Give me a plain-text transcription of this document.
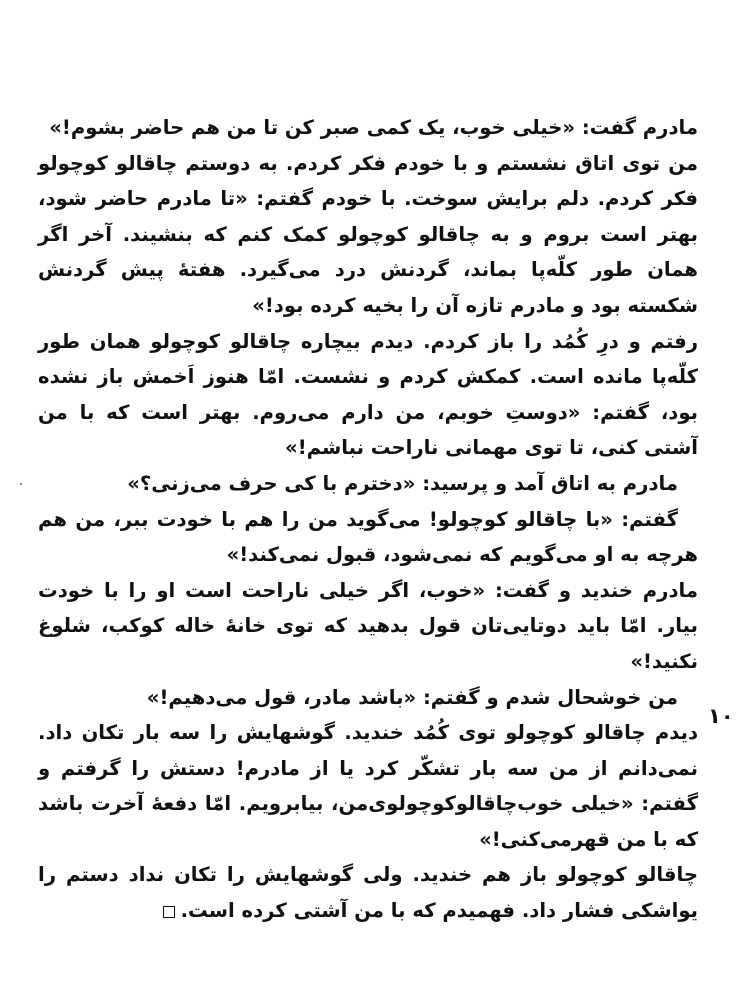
مادرم گفت: «خیلی خوب، یک کمی صبر کن تا من هم حاضر بشوم!»

من توی اتاق نشستم و با خودم فکر کردم. به دوستم چاقالو کوچولو فکر کردم. دلم برایش سوخت. با خودم گفتم: «تا مادرم حاضر شود، بهتر است بروم و به چاقالو کوچولو کمک کنم که بنشیند. آخر اگر همان طور کلّه‌پا بماند، گردنش درد می‌گیرد. هفتهٔ پیش گردنش شکسته بود و مادرم تازه آن را بخیه کرده بود!»

رفتم و درِ کُمُد را باز کردم. دیدم بیچاره چاقالو کوچولو همان طور کلّه‌پا مانده است. کمکش کردم و نشست. امّا هنوز اَخمش باز نشده بود، گفتم: «دوستِ خوبم، من دارم می‌روم. بهتر است که با من آشتی کنی، تا توی مهمانی ناراحت نباشم!»

مادرم به اتاق آمد و پرسید: «دخترم با کی حرف می‌زنی؟»

گفتم: «با چاقالو کوچولو! می‌گوید من را هم با خودت ببر، من هم هرچه به او می‌گویم که نمی‌شود، قبول نمی‌کند!»

مادرم خندید و گفت: «خوب، اگر خیلی ناراحت است او را با خودت بیار. امّا باید دوتایی‌تان قول بدهید که توی خانهٔ خاله کوکب، شلوغ نکنید!»

من خوشحال شدم و گفتم: «باشد مادر، قول می‌دهیم!»

دیدم چاقالو کوچولو توی کُمُد خندید. گوشهایش را سه بار تکان داد. نمی‌دانم از من سه بار تشکّر کرد یا از مادرم! دستش را گرفتم و گفتم: «خیلی خوب‌چاقالوکوچولوی‌من، بیابرویم. امّا دفعهٔ آخرت باشد که با من قهرمی‌کنی!»

چاقالو کوچولو باز هم خندید. ولی گوشهایش را تکان نداد دستم را یواشکی فشار داد. فهمیدم که با من آشتی کرده است.

۱۰
